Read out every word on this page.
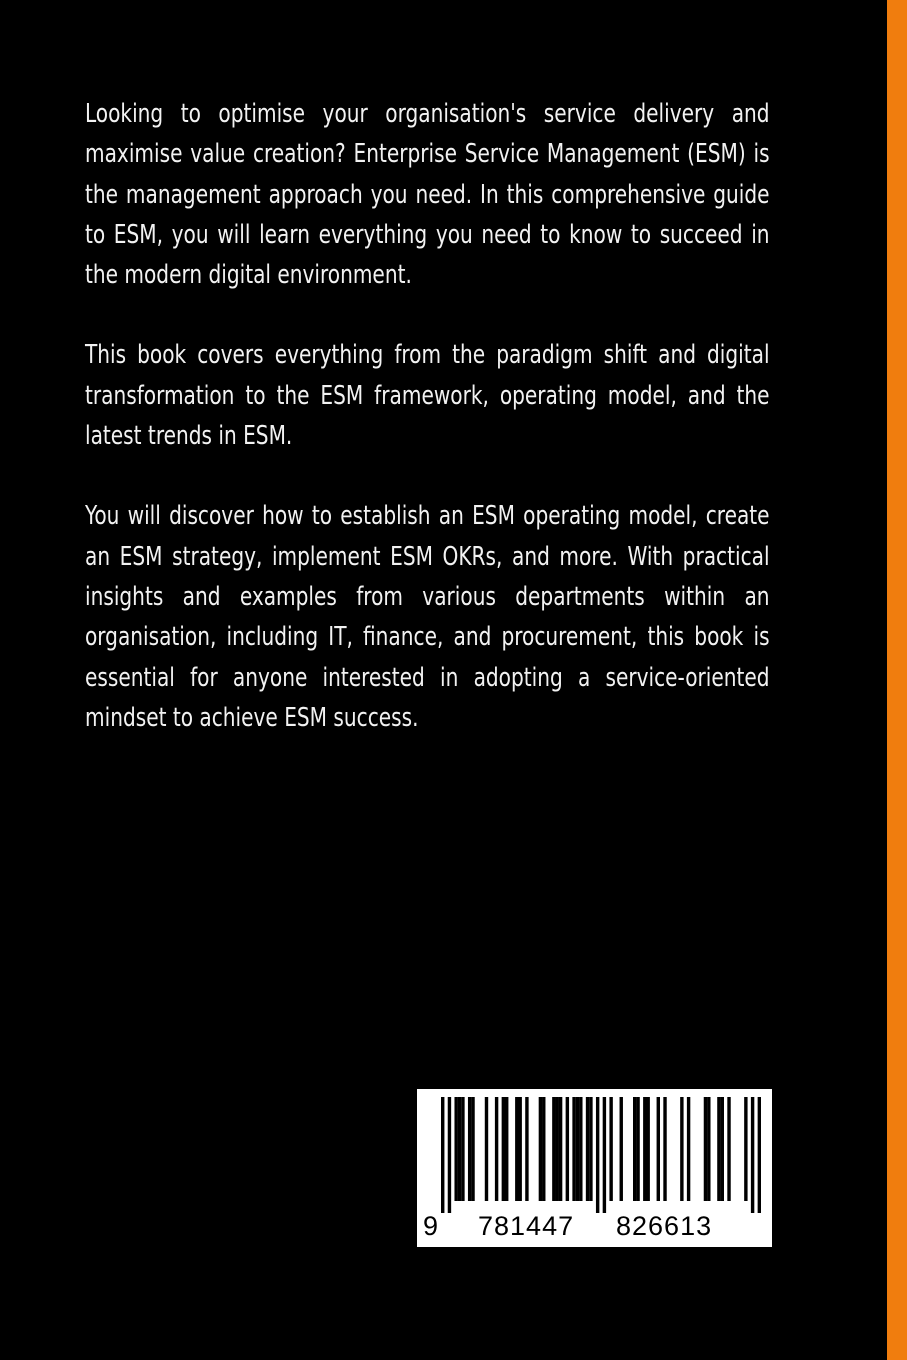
Looking to optimise your organisation's service delivery and maximise value creation? Enterprise Service Management (ESM) is the management approach you need. In this comprehensive guide to ESM, you will learn everything you need to know to succeed in the modern digital environment.

This book covers everything from the paradigm shift and digital transformation to the ESM framework, operating model, and the latest trends in ESM.

You will discover how to establish an ESM operating model, create an ESM strategy, implement ESM OKRs, and more. With practical insights and examples from various departments within an organisation, including IT, finance, and procurement, this book is essential for anyone interested in adopting a service-oriented mindset to achieve ESM success.

9 781447 826613
